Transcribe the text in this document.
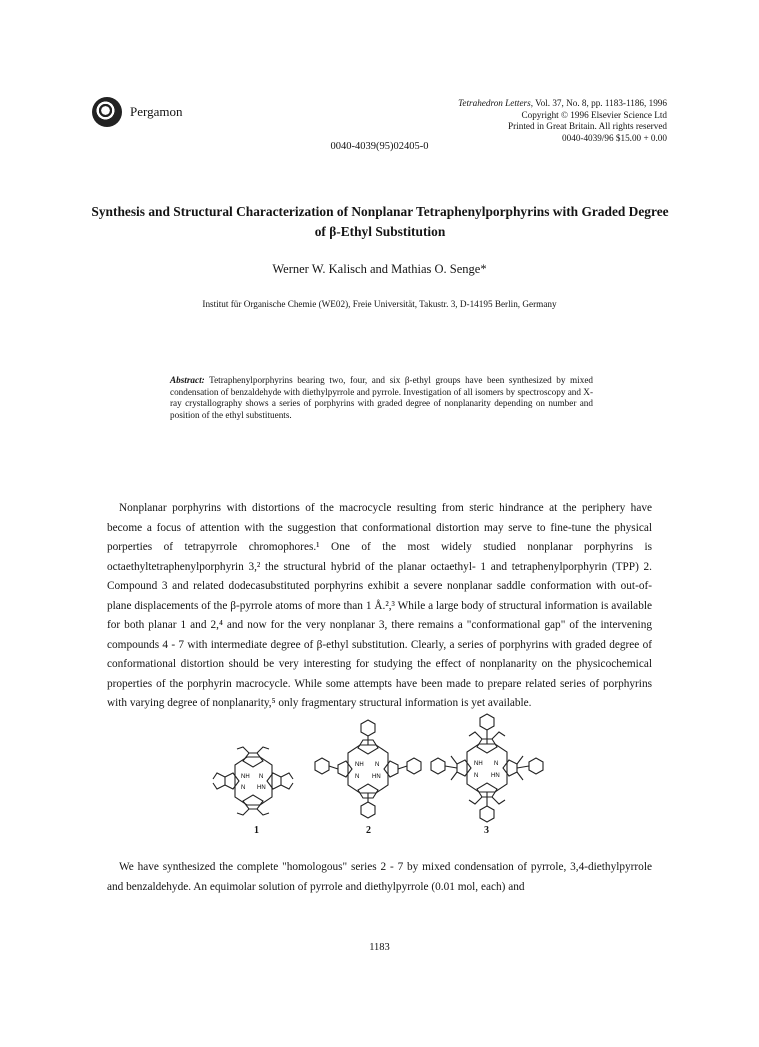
Pergamon
Tetrahedron Letters, Vol. 37, No. 8, pp. 1183-1186, 1996
Copyright © 1996 Elsevier Science Ltd
Printed in Great Britain. All rights reserved
0040-4039/96 $15.00 + 0.00
0040-4039(95)02405-0
Synthesis and Structural Characterization of Nonplanar Tetraphenylporphyrins with Graded Degree of β-Ethyl Substitution
Werner W. Kalisch and Mathias O. Senge*
Institut für Organische Chemie (WE02), Freie Universität, Takustr. 3, D-14195 Berlin, Germany
Abstract: Tetraphenylporphyrins bearing two, four, and six β-ethyl groups have been synthesized by mixed condensation of benzaldehyde with diethylpyrrole and pyrrole. Investigation of all isomers by spectroscopy and X-ray crystallography shows a series of porphyrins with graded degree of nonplanarity depending on number and position of the ethyl substituents.
Nonplanar porphyrins with distortions of the macrocycle resulting from steric hindrance at the periphery have become a focus of attention with the suggestion that conformational distortion may serve to fine-tune the physical porperties of tetrapyrrole chromophores.¹ One of the most widely studied nonplanar porphyrins is octaethyltetraphenylporphyrin 3,² the structural hybrid of the planar octaethyl- 1 and tetraphenylporphyrin (TPP) 2. Compound 3 and related dodecasubstituted porphyrins exhibit a severe nonplanar saddle conformation with out-of-plane displacements of the β-pyrrole atoms of more than 1 Å.²,³ While a large body of structural information is available for both planar 1 and 2,⁴ and now for the very nonplanar 3, there remains a "conformational gap" of the intervening compounds 4 - 7 with intermediate degree of β-ethyl substitution. Clearly, a series of porphyrins with graded degree of conformational distortion should be very interesting for studying the effect of nonplanarity on the physicochemical properties of the porphyrin macrocycle. While some attempts have been made to prepare related series of porphyrins with varying degree of nonplanarity,⁵ only fragmentary structural information is yet available.
NH N
N HN
NH N
N HN
NH N
N HN
1	2	3
We have synthesized the complete "homologous" series 2 - 7 by mixed condensation of pyrrole, 3,4-diethylpyrrole and benzaldehyde. An equimolar solution of pyrrole and diethylpyrrole (0.01 mol, each) and
1183
